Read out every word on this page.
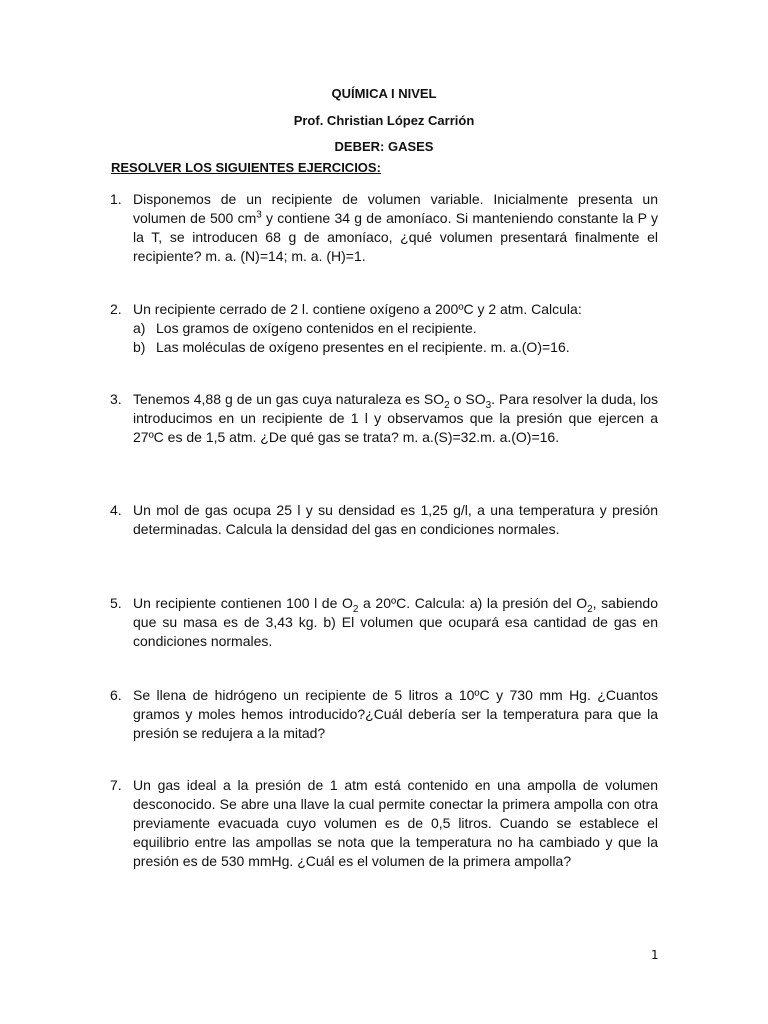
QUÍMICA I NIVEL
Prof. Christian López Carrión
DEBER: GASES
RESOLVER LOS SIGUIENTES EJERCICIOS:
1. Disponemos de un recipiente de volumen variable. Inicialmente presenta un volumen de 500 $cm^3$ y contiene 34 g de amoníaco. Si manteniendo constante la P y la T, se introducen 68 g de amoníaco, ¿qué volumen presentará finalmente el recipiente? m. a. (N)=14; m. a. (H)=1.
2. Un recipiente cerrado de 2 l. contiene oxígeno a 200ºC y 2 atm. Calcula:
a) Los gramos de oxígeno contenidos en el recipiente.
b) Las moléculas de oxígeno presentes en el recipiente. m. a.(O)=16.
3. Tenemos 4,88 g de un gas cuya naturaleza es $SO_2$ o $SO_3$. Para resolver la duda, los introducimos en un recipiente de 1 l y observamos que la presión que ejercen a 27ºC es de 1,5 atm. ¿De qué gas se trata? m. a.(S)=32.m. a.(O)=16.
4. Un mol de gas ocupa 25 l y su densidad es 1,25 g/l, a una temperatura y presión determinadas. Calcula la densidad del gas en condiciones normales.
5. Un recipiente contienen 100 l de $O_2$ a 20ºC. Calcula: a) la presión del $O_2$, sabiendo que su masa es de 3,43 kg. b) El volumen que ocupará esa cantidad de gas en condiciones normales.
6. Se llena de hidrógeno un recipiente de 5 litros a 10ºC y 730 mm Hg. ¿Cuantos gramos y moles hemos introducido?¿Cuál debería ser la temperatura para que la presión se redujera a la mitad?
7. Un gas ideal a la presión de 1 atm está contenido en una ampolla de volumen desconocido. Se abre una llave la cual permite conectar la primera ampolla con otra previamente evacuada cuyo volumen es de 0,5 litros. Cuando se establece el equilibrio entre las ampollas se nota que la temperatura no ha cambiado y que la presión es de 530 mmHg. ¿Cuál es el volumen de la primera ampolla?
1
